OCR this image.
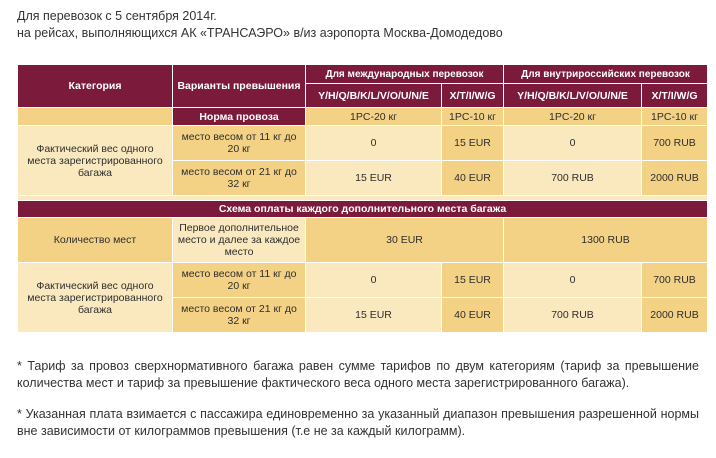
Для перевозок с 5 сентября 2014г.
на рейсах, выполняющихся АК «ТРАНСАЭРО» в/из аэропорта Москва-Домодедово
Категория	Варианты превышения	Для международных перевозок		Для внутрироссийских перевозок	
		Y/H/Q/B/K/L/V/O/U/N/E	X/T/I/W/G	Y/H/Q/B/K/L/V/O/U/N/E	X/T/I/W/G
	Норма провоза	1PC-20 кг	1PC-10 кг	1PC-20 кг	1PC-10 кг
Фактический вес одного места зарегистрированного багажа	место весом от 11 кг до 20 кг	0	15 EUR	0	700 RUB
	место весом от 21 кг до 32 кг	15 EUR	40 EUR	700 RUB	2000 RUB

Схема оплаты каждого дополнительного места багажа					
Количество мест	Первое дополнительное место и далее за каждое место	30 EUR		1300 RUB	
Фактический вес одного места зарегистрированного багажа	место весом от 11 кг до 20 кг	0	15 EUR	0	700 RUB
	место весом от 21 кг до 32 кг	15 EUR	40 EUR	700 RUB	2000 RUB

* Тариф за провоз сверхнормативного багажа равен сумме тарифов по двум категориям (тариф за превышение количества мест и тариф за превышение фактического веса одного места зарегистрированного багажа).

* Указанная плата взимается с пассажира единовременно за указанный диапазон превышения разрешенной нормы вне зависимости от килограммов превышения (т.е не за каждый килограмм).
